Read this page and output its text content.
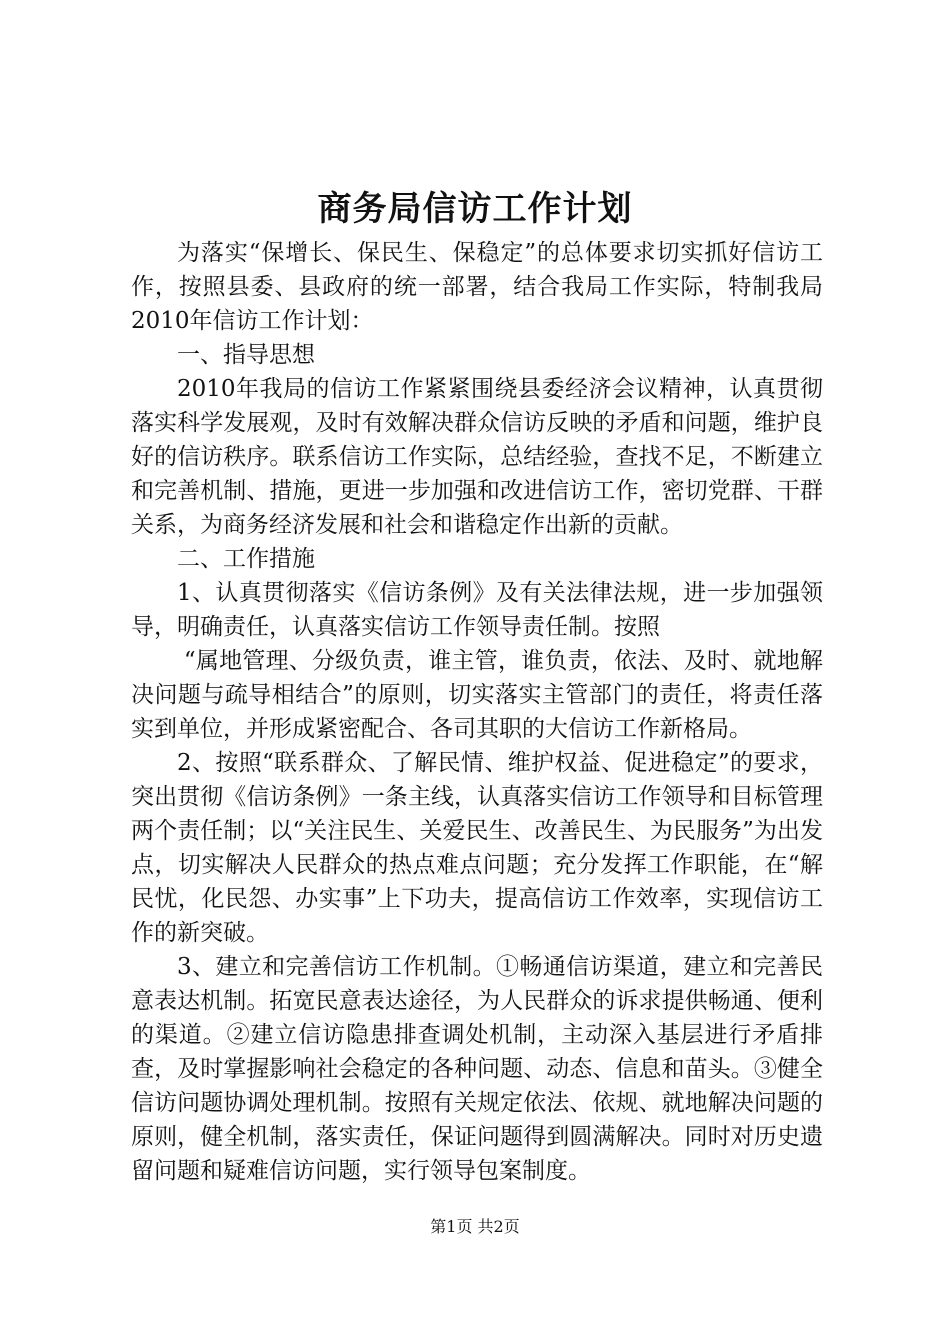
商务局信访工作计划

为落实“保增长、保民生、保稳定”的总体要求切实抓好信访工作，按照县委、县政府的统一部署，结合我局工作实际，特制我局2010年信访工作计划：

一、指导思想

2010年我局的信访工作紧紧围绕县委经济会议精神，认真贯彻落实科学发展观，及时有效解决群众信访反映的矛盾和问题，维护良好的信访秩序。联系信访工作实际，总结经验，查找不足，不断建立和完善机制、措施，更进一步加强和改进信访工作，密切党群、干群关系，为商务经济发展和社会和谐稳定作出新的贡献。

二、工作措施

1、认真贯彻落实《信访条例》及有关法律法规，进一步加强领导，明确责任，认真落实信访工作领导责任制。按照

“属地管理、分级负责，谁主管，谁负责，依法、及时、就地解决问题与疏导相结合”的原则，切实落实主管部门的责任，将责任落实到单位，并形成紧密配合、各司其职的大信访工作新格局。

2、按照“联系群众、了解民情、维护权益、促进稳定”的要求，突出贯彻《信访条例》一条主线，认真落实信访工作领导和目标管理两个责任制；以“关注民生、关爱民生、改善民生、为民服务”为出发点，切实解决人民群众的热点难点问题；充分发挥工作职能，在“解民忧，化民怨、办实事”上下功夫，提高信访工作效率，实现信访工作的新突破。

3、建立和完善信访工作机制。①畅通信访渠道，建立和完善民意表达机制。拓宽民意表达途径，为人民群众的诉求提供畅通、便利的渠道。②建立信访隐患排查调处机制，主动深入基层进行矛盾排查，及时掌握影响社会稳定的各种问题、动态、信息和苗头。③健全信访问题协调处理机制。按照有关规定依法、依规、就地解决问题的原则，健全机制，落实责任，保证问题得到圆满解决。同时对历史遗留问题和疑难信访问题，实行领导包案制度。

第1页 共2页
